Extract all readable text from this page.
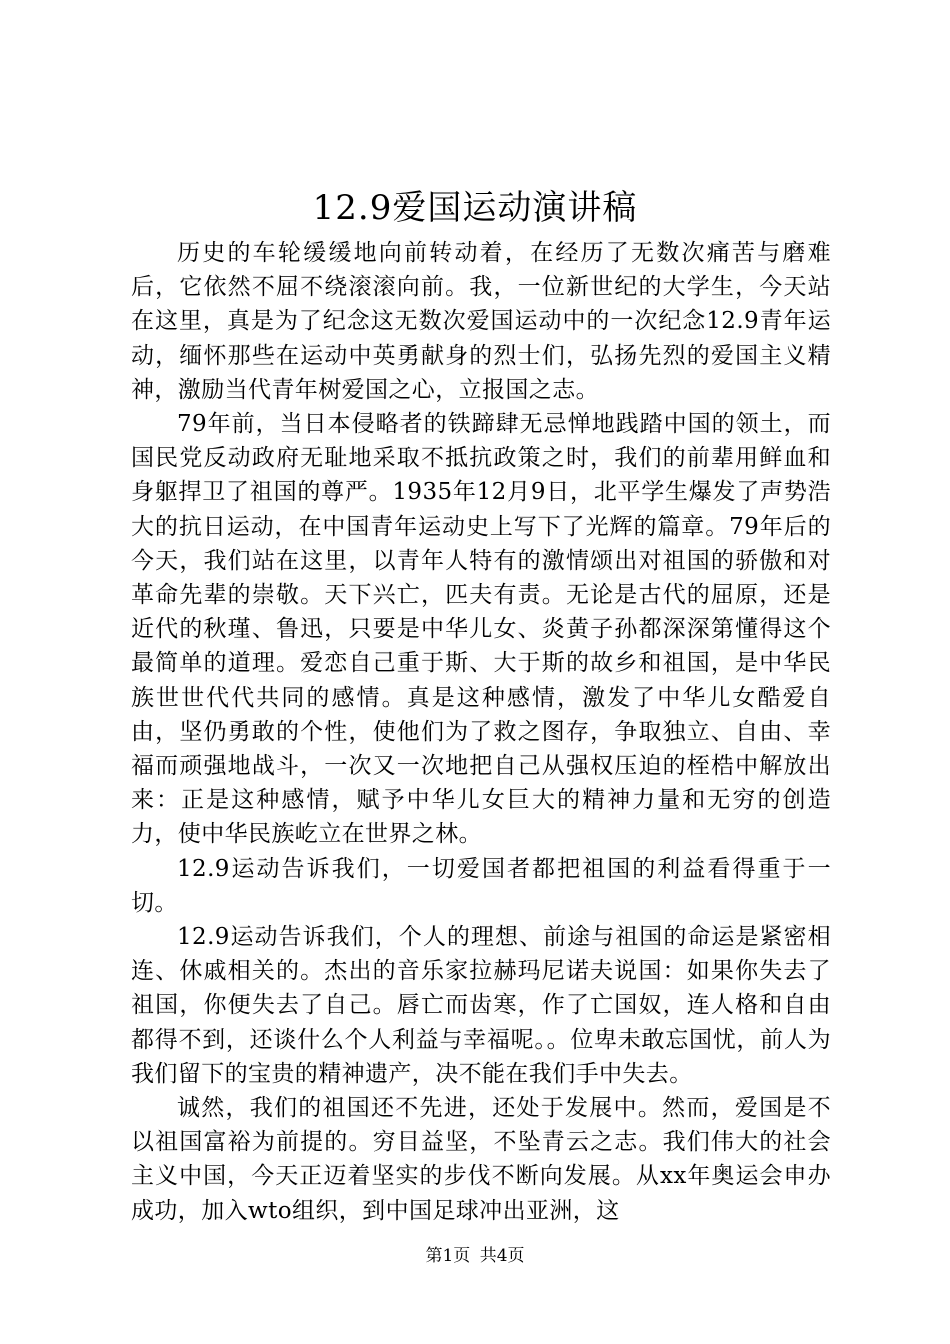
12.9爱国运动演讲稿

历史的车轮缓缓地向前转动着，在经历了无数次痛苦与磨难后，它依然不屈不绕滚滚向前。我，一位新世纪的大学生，今天站在这里，真是为了纪念这无数次爱国运动中的一次纪念12.9青年运动，缅怀那些在运动中英勇献身的烈士们，弘扬先烈的爱国主义精神，激励当代青年树爱国之心，立报国之志。

79年前，当日本侵略者的铁蹄肆无忌惮地践踏中国的领土，而国民党反动政府无耻地采取不抵抗政策之时，我们的前辈用鲜血和身躯捍卫了祖国的尊严。1935年12月9日，北平学生爆发了声势浩大的抗日运动，在中国青年运动史上写下了光辉的篇章。79年后的今天，我们站在这里，以青年人特有的激情颂出对祖国的骄傲和对革命先辈的崇敬。天下兴亡，匹夫有责。无论是古代的屈原，还是近代的秋瑾、鲁迅，只要是中华儿女、炎黄子孙都深深第懂得这个最简单的道理。爱恋自己重于斯、大于斯的故乡和祖国，是中华民族世世代代共同的感情。真是这种感情，激发了中华儿女酷爱自由，坚仍勇敢的个性，使他们为了救之图存，争取独立、自由、幸福而顽强地战斗，一次又一次地把自己从强权压迫的桎梏中解放出来：正是这种感情，赋予中华儿女巨大的精神力量和无穷的创造力，使中华民族屹立在世界之林。

12.9运动告诉我们，一切爱国者都把祖国的利益看得重于一切。

12.9运动告诉我们，个人的理想、前途与祖国的命运是紧密相连、休戚相关的。杰出的音乐家拉赫玛尼诺夫说国：如果你失去了祖国，你便失去了自己。唇亡而齿寒，作了亡国奴，连人格和自由都得不到，还谈什么个人利益与幸福呢。。位卑未敢忘国忧，前人为我们留下的宝贵的精神遗产，决不能在我们手中失去。

诚然，我们的祖国还不先进，还处于发展中。然而，爱国是不以祖国富裕为前提的。穷目益坚，不坠青云之志。我们伟大的社会主义中国，今天正迈着坚实的步伐不断向发展。从xx年奥运会申办成功，加入wto组织，到中国足球冲出亚洲，这

第1页 共4页
